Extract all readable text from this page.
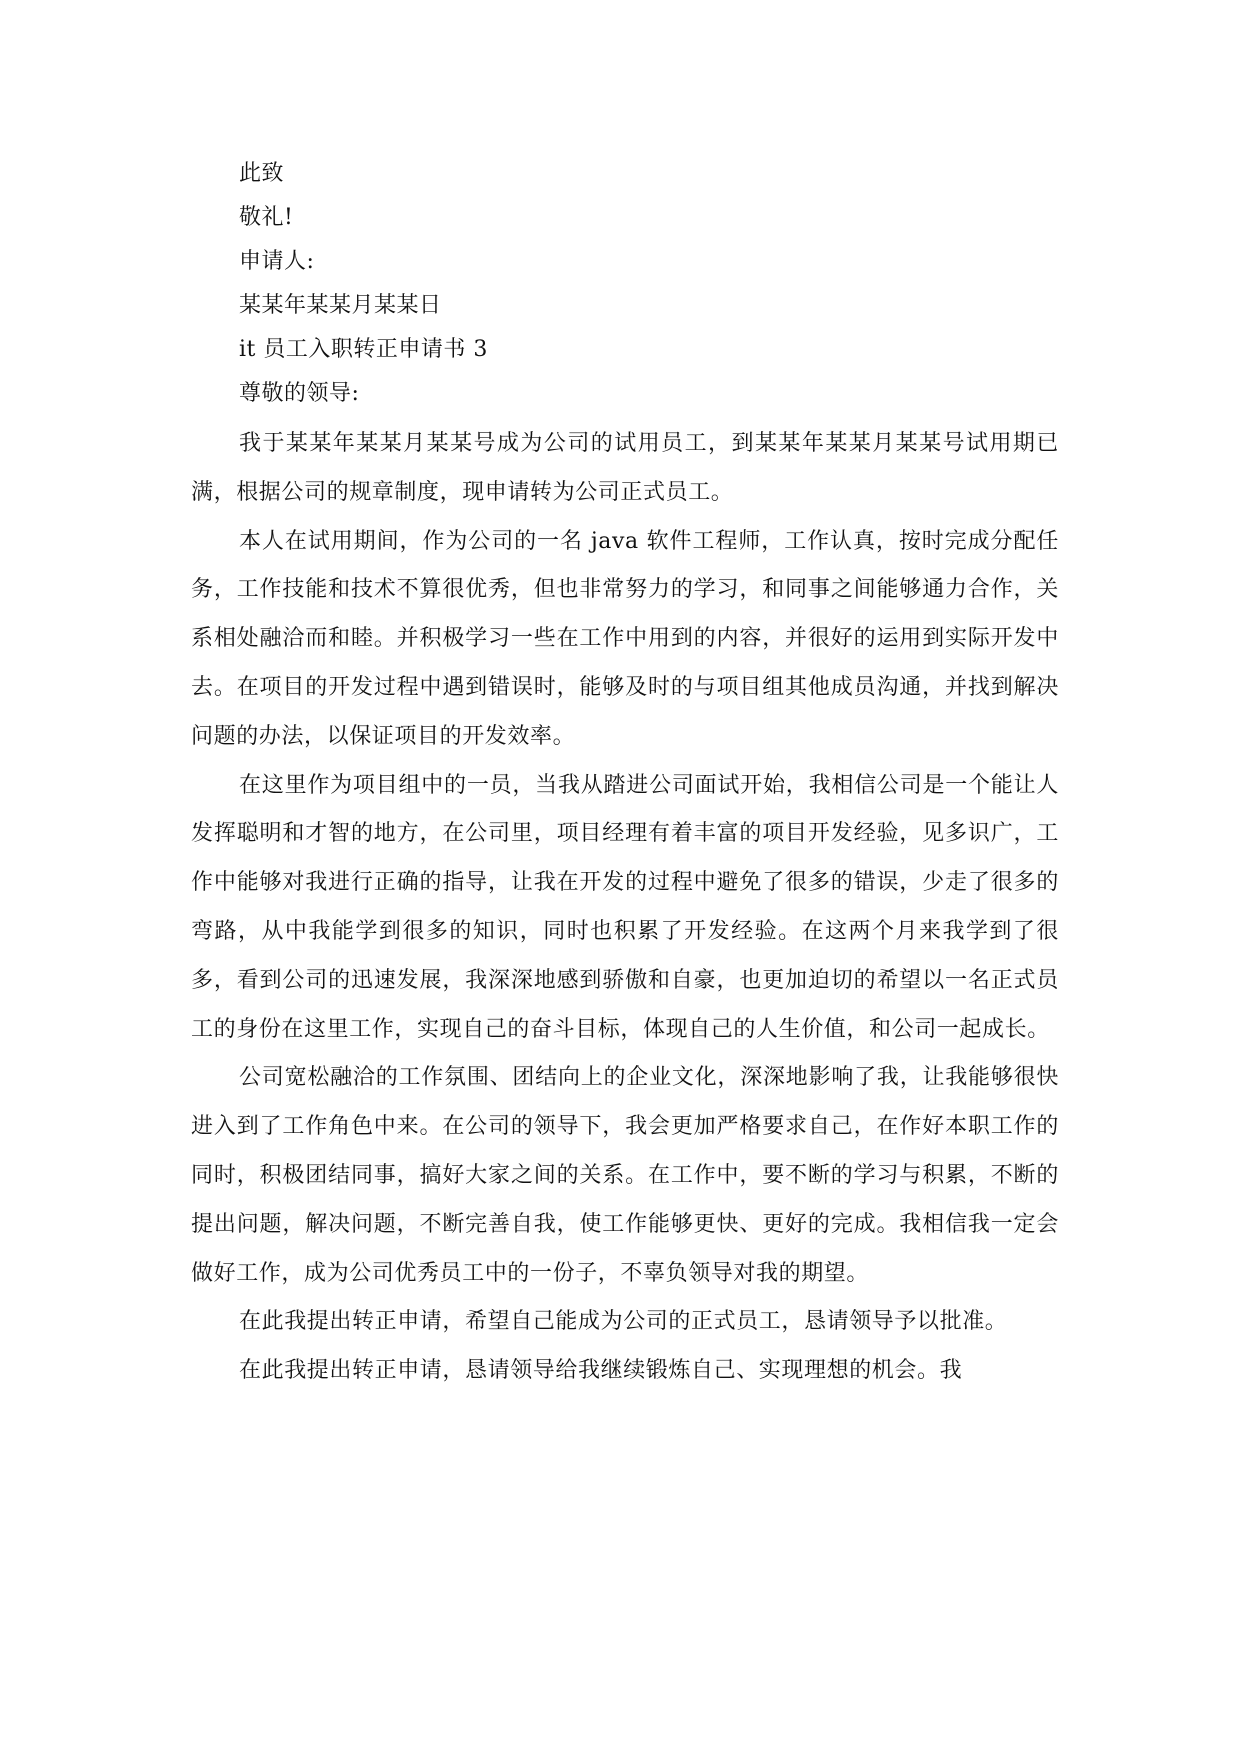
此致

敬礼!

申请人:

某某年某某月某某日

it 员工入职转正申请书 3

尊敬的领导:

我于某某年某某月某某号成为公司的试用员工，到某某年某某月某某号试用期已满，根据公司的规章制度，现申请转为公司正式员工。

本人在试用期间，作为公司的一名 java 软件工程师，工作认真，按时完成分配任务，工作技能和技术不算很优秀，但也非常努力的学习，和同事之间能够通力合作，关系相处融洽而和睦。并积极学习一些在工作中用到的内容，并很好的运用到实际开发中去。在项目的开发过程中遇到错误时，能够及时的与项目组其他成员沟通，并找到解决问题的办法，以保证项目的开发效率。

在这里作为项目组中的一员，当我从踏进公司面试开始，我相信公司是一个能让人发挥聪明和才智的地方，在公司里，项目经理有着丰富的项目开发经验，见多识广，工作中能够对我进行正确的指导，让我在开发的过程中避免了很多的错误，少走了很多的弯路，从中我能学到很多的知识，同时也积累了开发经验。在这两个月来我学到了很多，看到公司的迅速发展，我深深地感到骄傲和自豪，也更加迫切的希望以一名正式员工的身份在这里工作，实现自己的奋斗目标，体现自己的人生价值，和公司一起成长。

公司宽松融洽的工作氛围、团结向上的企业文化，深深地影响了我，让我能够很快进入到了工作角色中来。在公司的领导下，我会更加严格要求自己，在作好本职工作的同时，积极团结同事，搞好大家之间的关系。在工作中，要不断的学习与积累，不断的提出问题，解决问题，不断完善自我，使工作能够更快、更好的完成。我相信我一定会做好工作，成为公司优秀员工中的一份子，不辜负领导对我的期望。

在此我提出转正申请，希望自己能成为公司的正式员工，恳请领导予以批准。

在此我提出转正申请，恳请领导给我继续锻炼自己、实现理想的机会。我
